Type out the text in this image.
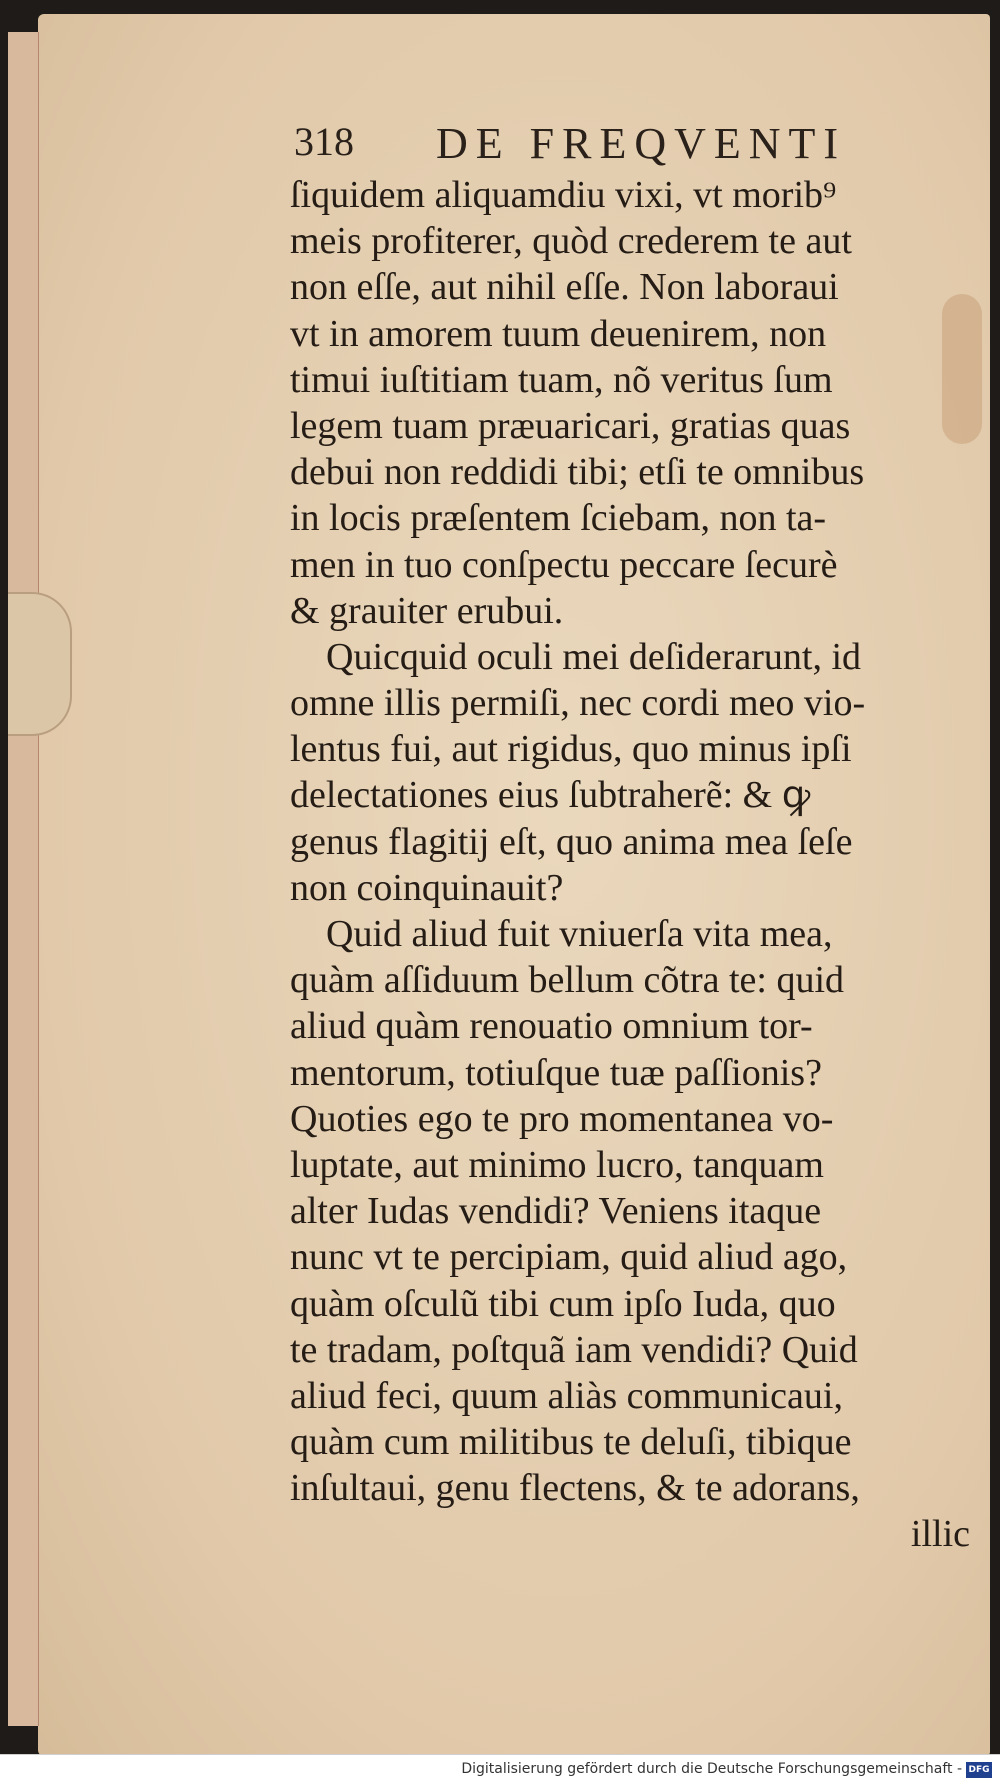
318 DE FREQVENTI
ſiquidem aliquamdiu vixi, vt morib⁹
meis profiterer, quòd crederem te aut
non eſſe, aut nihil eſſe. Non laboraui
vt in amorem tuum deuenirem, non
timui iuſtitiam tuam, nõ veritus ſum
legem tuam præuaricari, gratias quas
debui non reddidi tibi; etſi te omnibus
in locis præſentem ſciebam, non ta-
men in tuo conſpectu peccare ſecurè
& grauiter erubui.
Quicquid oculi mei deſiderarunt, id
omne illis permiſi, nec cordi meo vio-
lentus fui, aut rigidus, quo minus ipſi
delectationes eius ſubtraherẽ: & ꝙ
genus flagitij eſt, quo anima mea ſeſe
non coinquinauit?
Quid aliud fuit vniuerſa vita mea,
quàm aſſiduum bellum cõtra te: quid
aliud quàm renouatio omnium tor-
mentorum, totiuſque tuæ paſſionis?
Quoties ego te pro momentanea vo-
luptate, aut minimo lucro, tanquam
alter Iudas vendidi? Veniens itaque
nunc vt te percipiam, quid aliud ago,
quàm oſculũ tibi cum ipſo Iuda, quo
te tradam, poſtquã iam vendidi? Quid
aliud feci, quum aliàs communicaui,
quàm cum militibus te deluſi, tibique
inſultaui, genu flectens, & te adorans,
illic
Digitalisierung gefördert durch die Deutsche Forschungsgemeinschaft - DFG
